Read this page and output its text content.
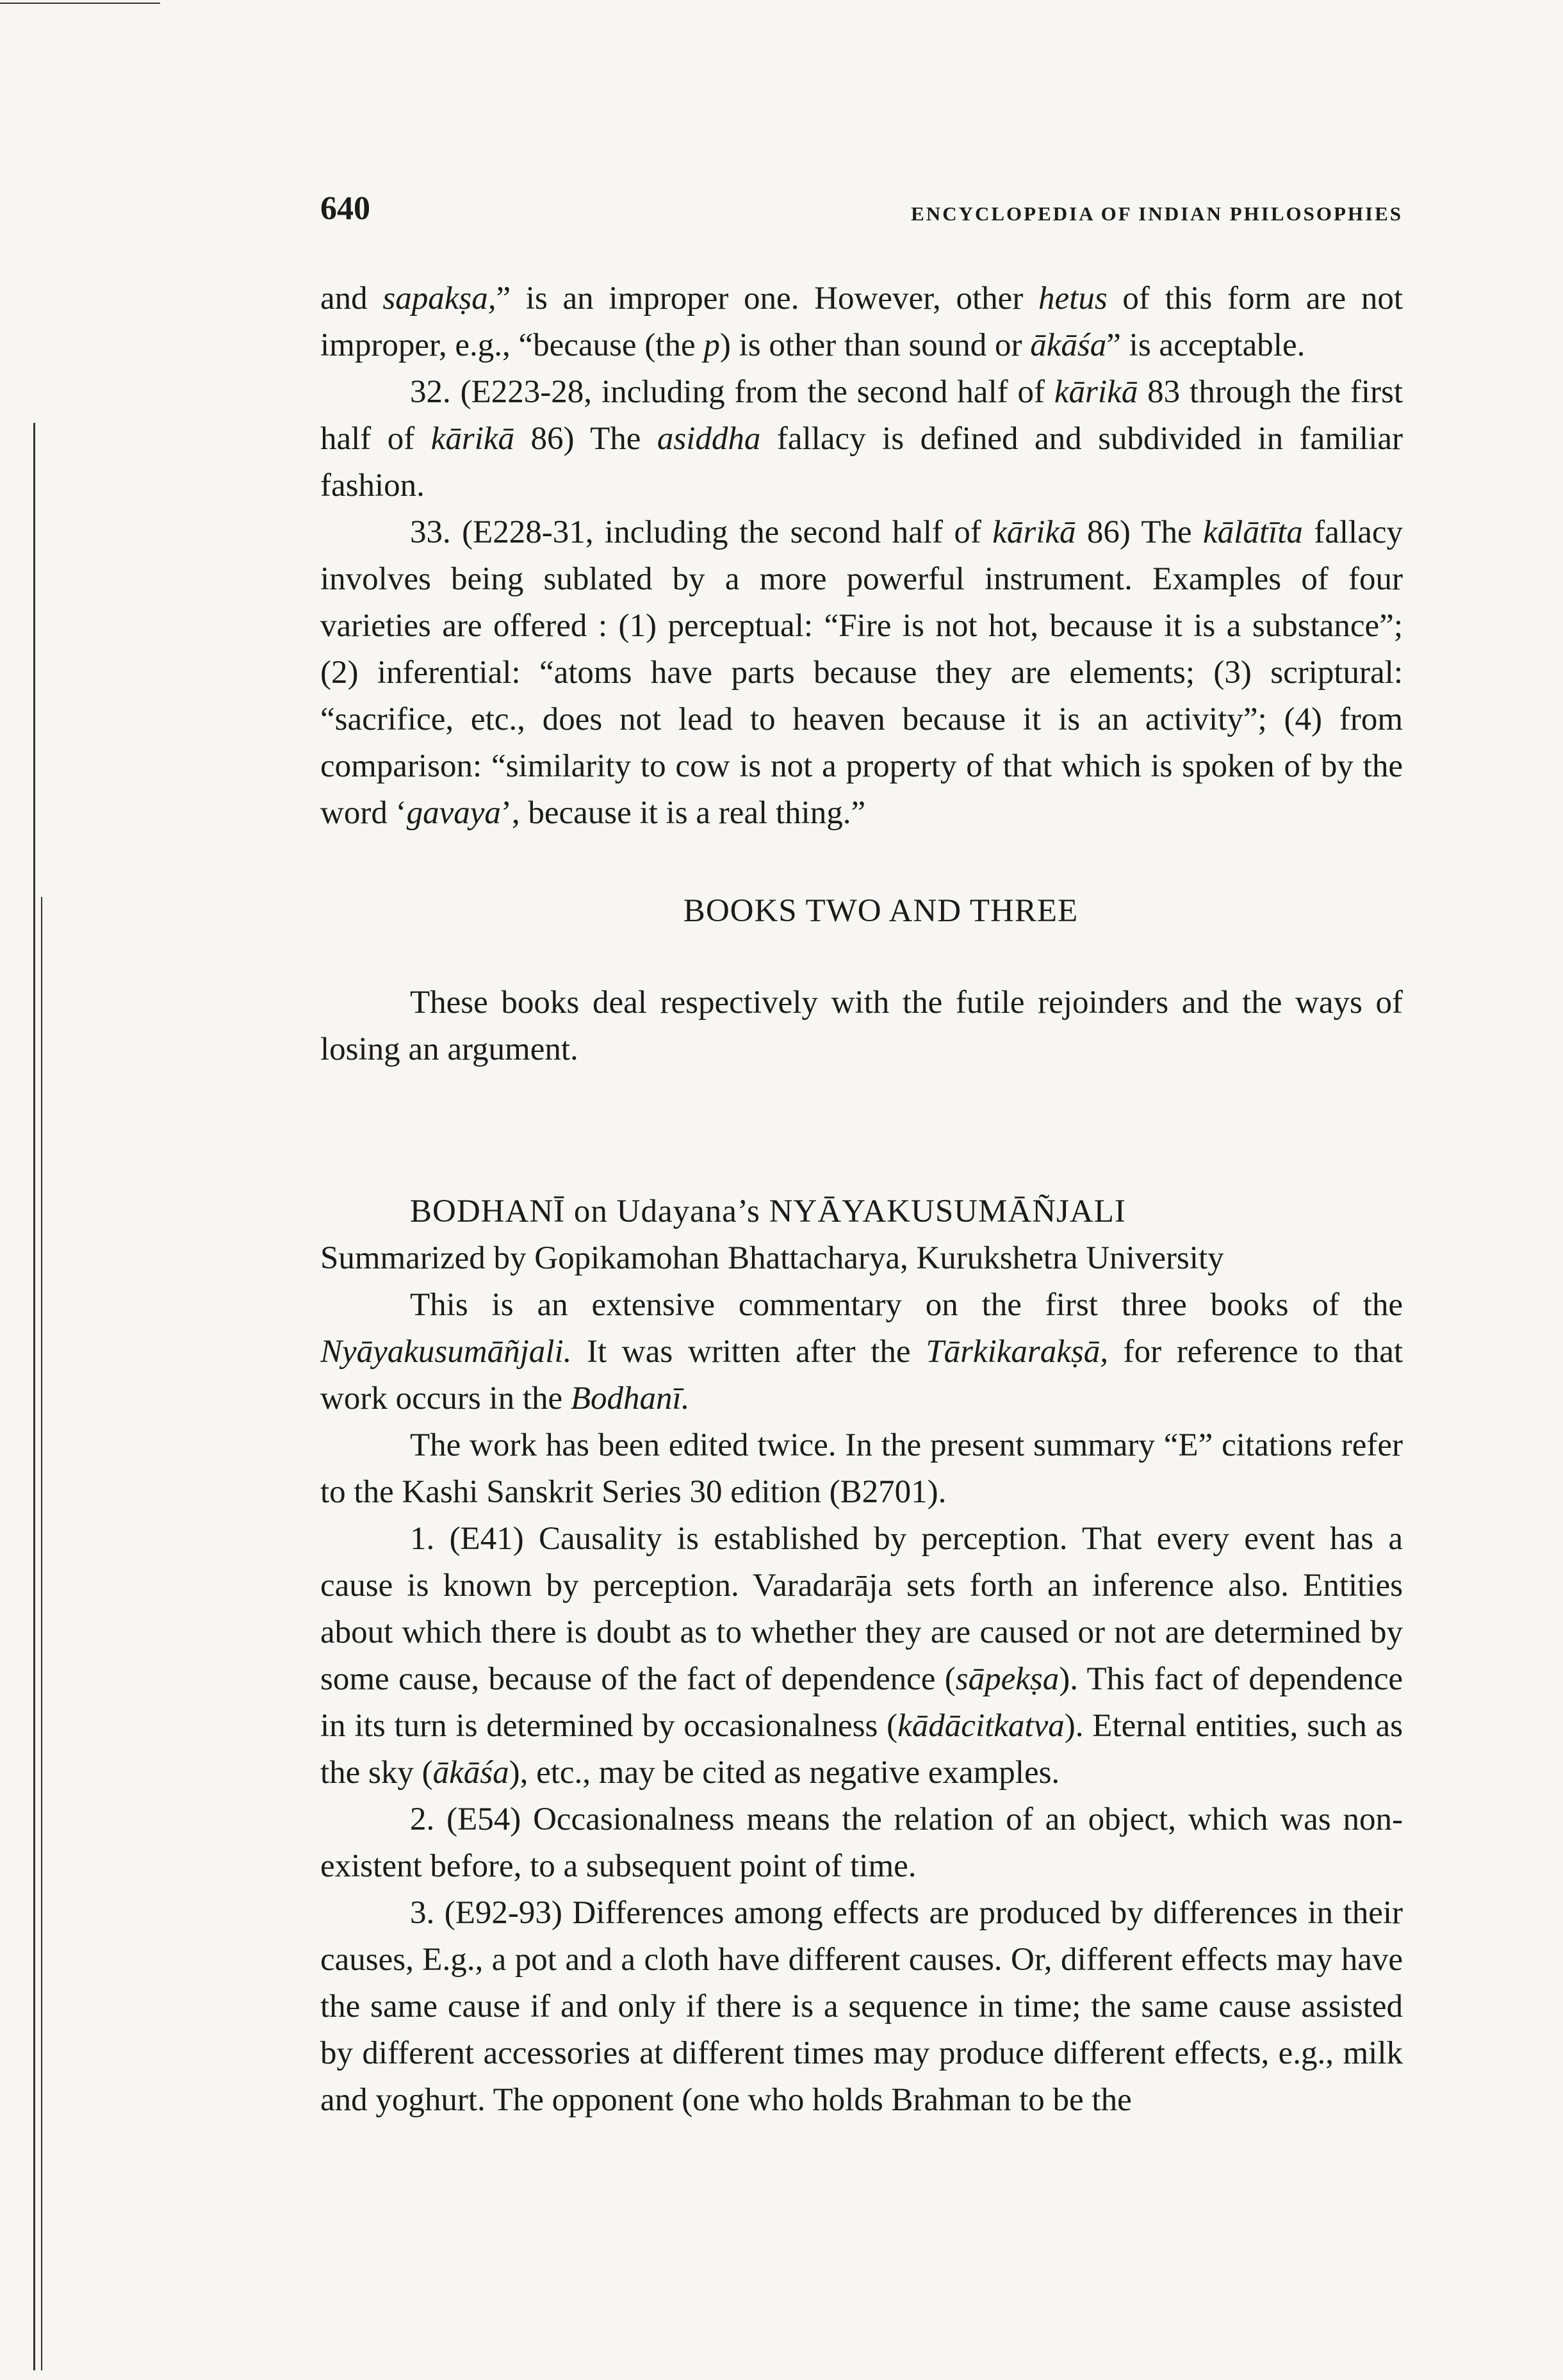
640	ENCYCLOPEDIA OF INDIAN PHILOSOPHIES

and sapakṣa,” is an improper one. However, other hetus of this form are not improper, e.g., “because (the p) is other than sound or ākāśa” is acceptable.

32. (E223-28, including from the second half of kārikā 83 through the first half of kārikā 86) The asiddha fallacy is defined and subdivided in familiar fashion.

33. (E228-31, including the second half of kārikā 86) The kālātīta fallacy involves being sublated by a more powerful instrument. Examples of four varieties are offered : (1) perceptual: “Fire is not hot, because it is a substance”; (2) inferential: “atoms have parts because they are elements; (3) scriptural: “sacrifice, etc., does not lead to heaven because it is an activity”; (4) from comparison: “similarity to cow is not a property of that which is spoken of by the word ‘gavaya’, because it is a real thing.”

BOOKS TWO AND THREE

These books deal respectively with the futile rejoinders and the ways of losing an argument.

BODHANĪ on Udayana’s NYĀYAKUSUMĀÑJALI

Summarized by Gopikamohan Bhattacharya, Kurukshetra University

This is an extensive commentary on the first three books of the Nyāyakusumāñjali. It was written after the Tārkikarakṣā, for reference to that work occurs in the Bodhanī.

The work has been edited twice. In the present summary “E” citations refer to the Kashi Sanskrit Series 30 edition (B2701).

1. (E41) Causality is established by perception. That every event has a cause is known by perception. Varadarāja sets forth an inference also. Entities about which there is doubt as to whether they are caused or not are determined by some cause, because of the fact of dependence (sāpekṣa). This fact of dependence in its turn is determined by occasionalness (kādācitkatva). Eternal entities, such as the sky (ākāśa), etc., may be cited as negative examples.

2. (E54) Occasionalness means the relation of an object, which was non-existent before, to a subsequent point of time.

3. (E92-93) Differences among effects are produced by differences in their causes, E.g., a pot and a cloth have different causes. Or, different effects may have the same cause if and only if there is a sequence in time; the same cause assisted by different accessories at different times may produce different effects, e.g., milk and yoghurt. The opponent (one who holds Brahman to be the
